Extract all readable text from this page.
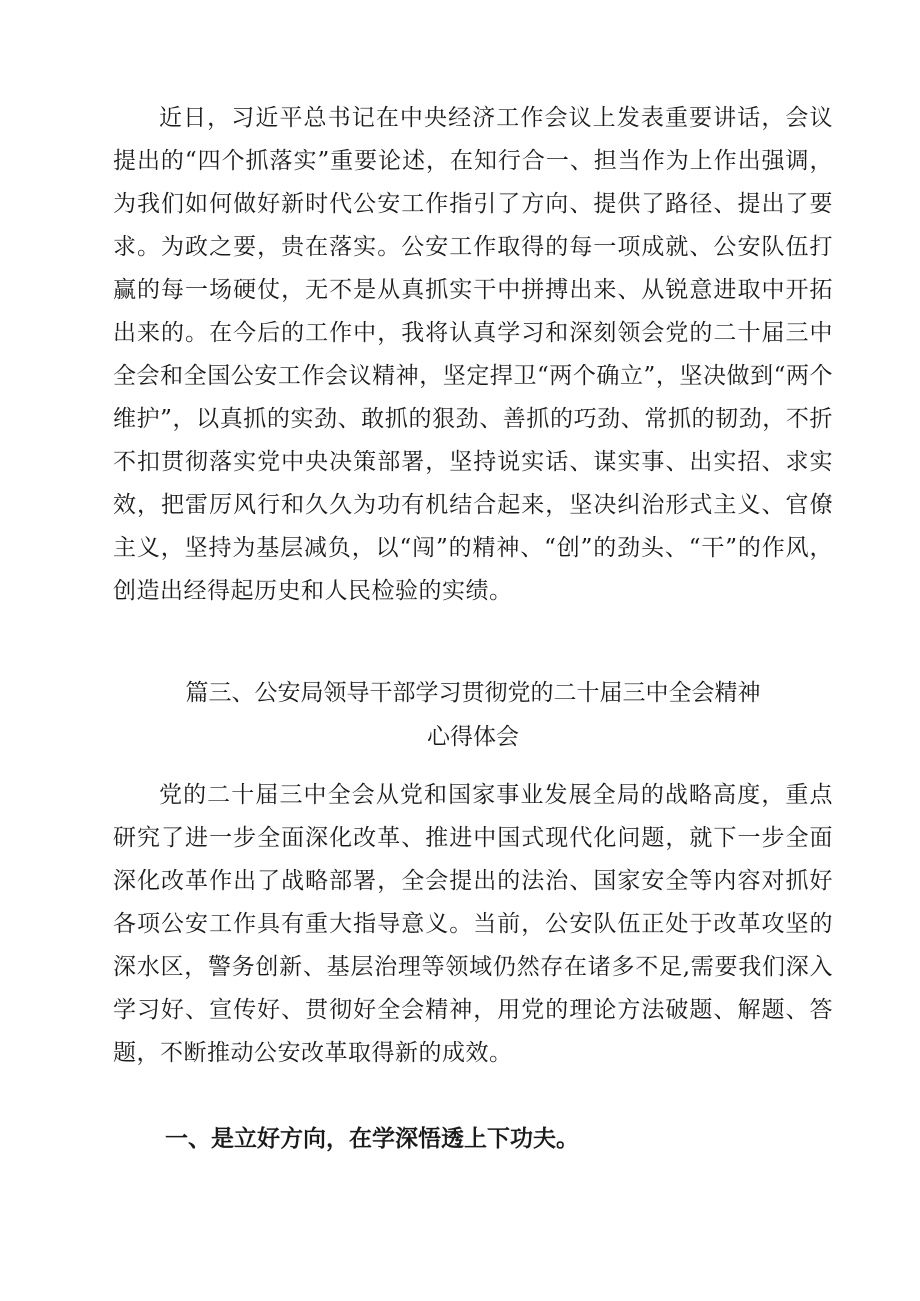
近日，习近平总书记在中央经济工作会议上发表重要讲话，会议提出的“四个抓落实”重要论述，在知行合一、担当作为上作出强调，为我们如何做好新时代公安工作指引了方向、提供了路径、提出了要求。为政之要，贵在落实。公安工作取得的每一项成就、公安队伍打赢的每一场硬仗，无不是从真抓实干中拼搏出来、从锐意进取中开拓出来的。在今后的工作中，我将认真学习和深刻领会党的二十届三中全会和全国公安工作会议精神，坚定捍卫“两个确立”，坚决做到“两个维护”，以真抓的实劲、敢抓的狠劲、善抓的巧劲、常抓的韧劲，不折不扣贯彻落实党中央决策部署，坚持说实话、谋实事、出实招、求实效，把雷厉风行和久久为功有机结合起来，坚决纠治形式主义、官僚主义，坚持为基层减负，以“闯”的精神、“创”的劲头、“干”的作风，创造出经得起历史和人民检验的实绩。

篇三、公安局领导干部学习贯彻党的二十届三中全会精神
心得体会

党的二十届三中全会从党和国家事业发展全局的战略高度，重点研究了进一步全面深化改革、推进中国式现代化问题，就下一步全面深化改革作出了战略部署，全会提出的法治、国家安全等内容对抓好各项公安工作具有重大指导意义。当前，公安队伍正处于改革攻坚的深水区，警务创新、基层治理等领域仍然存在诸多不足,需要我们深入学习好、宣传好、贯彻好全会精神，用党的理论方法破题、解题、答题，不断推动公安改革取得新的成效。

一、是立好方向，在学深悟透上下功夫。
